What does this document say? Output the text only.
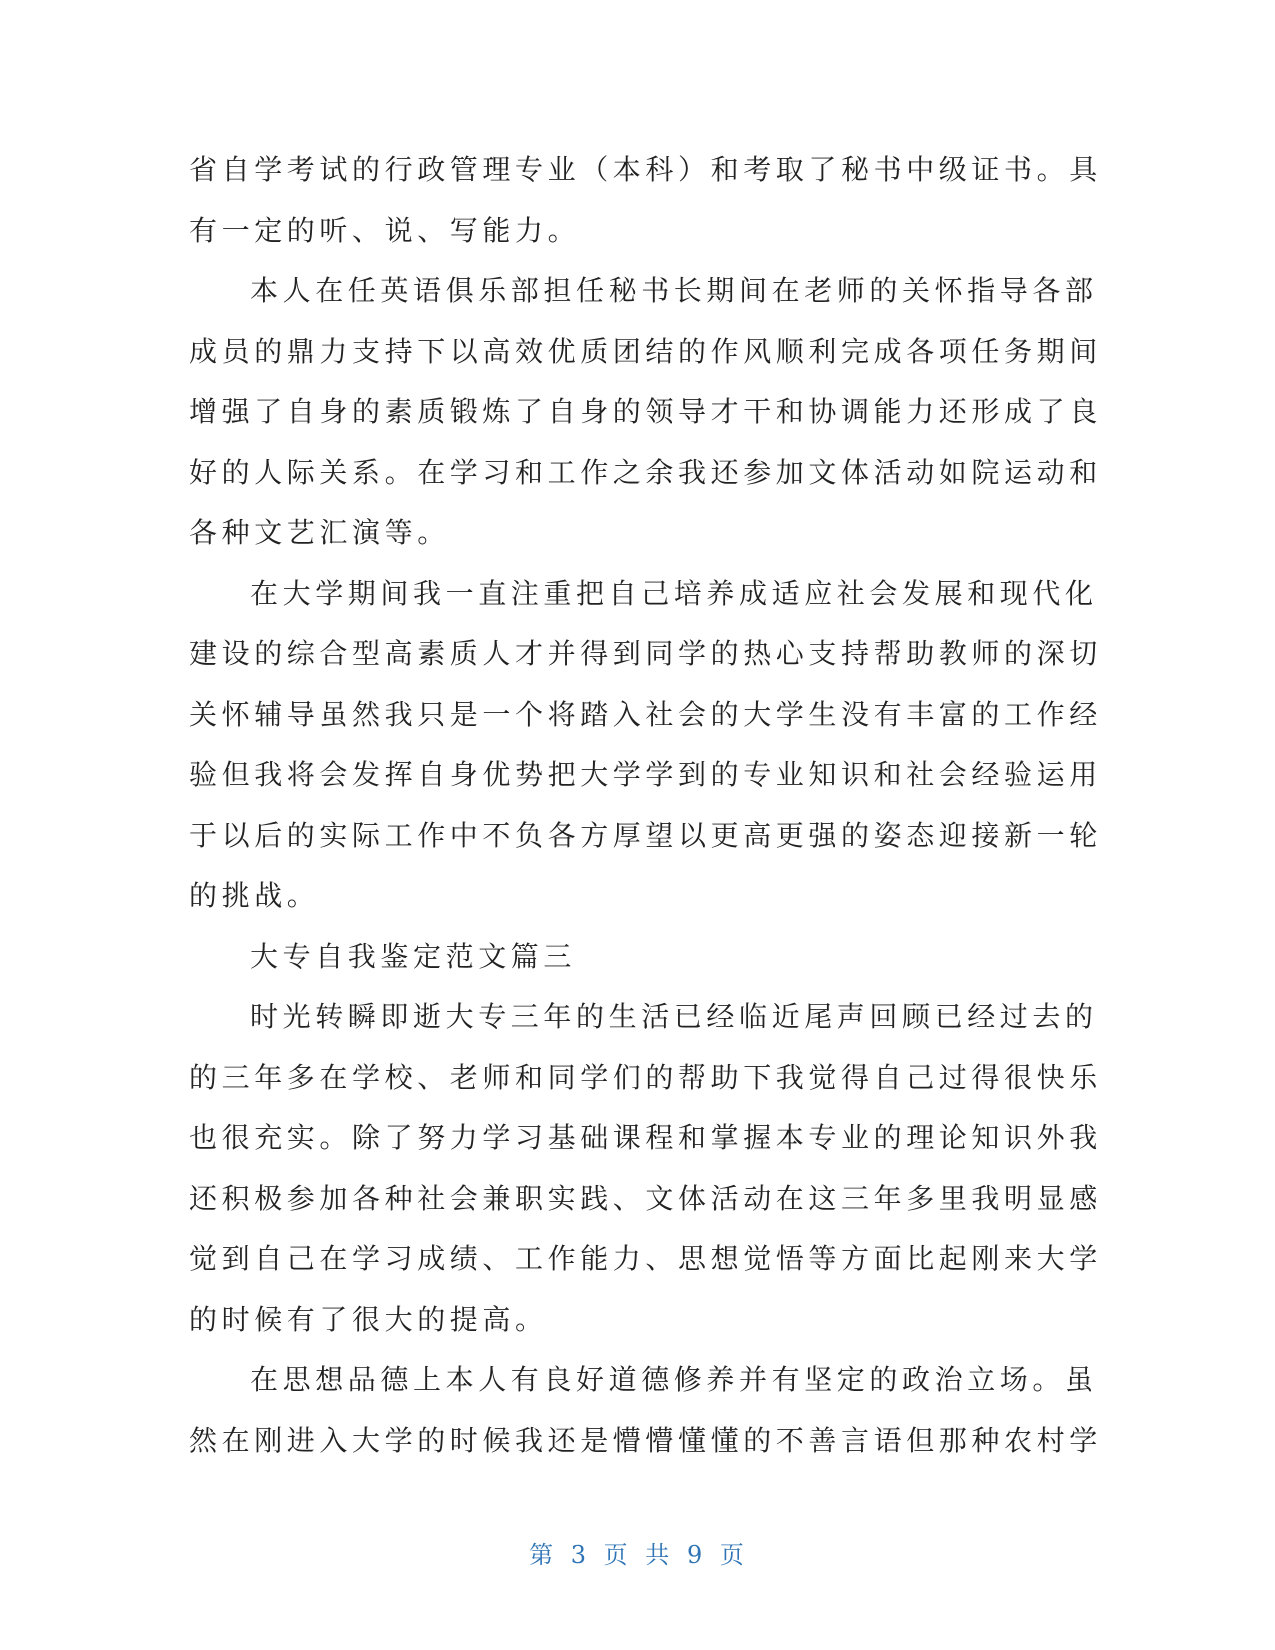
省自学考试的行政管理专业（本科）和考取了秘书中级证书。具
有一定的听、说、写能力。
本人在任英语俱乐部担任秘书长期间在老师的关怀指导各部
成员的鼎力支持下以高效优质团结的作风顺利完成各项任务期间
增强了自身的素质锻炼了自身的领导才干和协调能力还形成了良
好的人际关系。在学习和工作之余我还参加文体活动如院运动和
各种文艺汇演等。
在大学期间我一直注重把自己培养成适应社会发展和现代化
建设的综合型高素质人才并得到同学的热心支持帮助教师的深切
关怀辅导虽然我只是一个将踏入社会的大学生没有丰富的工作经
验但我将会发挥自身优势把大学学到的专业知识和社会经验运用
于以后的实际工作中不负各方厚望以更高更强的姿态迎接新一轮
的挑战。
大专自我鉴定范文篇三
时光转瞬即逝大专三年的生活已经临近尾声回顾已经过去的
的三年多在学校、老师和同学们的帮助下我觉得自己过得很快乐
也很充实。除了努力学习基础课程和掌握本专业的理论知识外我
还积极参加各种社会兼职实践、文体活动在这三年多里我明显感
觉到自己在学习成绩、工作能力、思想觉悟等方面比起刚来大学
的时候有了很大的提高。
在思想品德上本人有良好道德修养并有坚定的政治立场。虽
然在刚进入大学的时候我还是懵懵懂懂的不善言语但那种农村学
第 3 页 共 9 页
